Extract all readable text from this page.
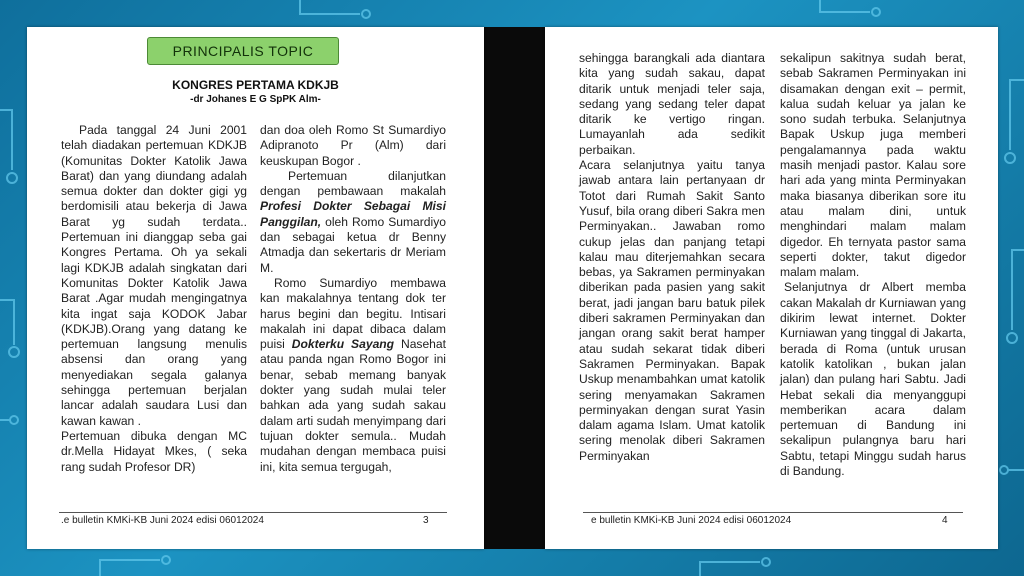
PRINCIPALIS TOPIC
KONGRES PERTAMA KDKJB
-dr Johanes E G SpPK Alm-

Pada tanggal 24 Juni 2001 telah diadakan pertemuan KDKJB (Komunitas Dokter Katolik Jawa Barat) dan yang diundang adalah semua dokter dan dokter gigi yg berdomisili atau bekerja di Jawa Barat yg sudah terdata.. Pertemuan ini dianggap seba gai Kongres Pertama. Oh ya sekali lagi KDKJB adalah singkatan dari Komunitas Dokter Katolik Jawa Barat .Agar mudah mengingatnya kita ingat saja KODOK Jabar (KDKJB).Orang yang datang ke pertemuan langsung menulis absensi dan orang yang menyediakan segala galanya sehingga pertemuan berjalan lancar adalah saudara Lusi dan kawan kawan .

Pertemuan dibuka dengan MC dr.Mella Hidayat Mkes, ( seka rang sudah Profesor DR)

dan doa oleh Romo St Sumardiyo Adipranoto Pr (Alm) dari keuskupan Bogor .

Pertemuan dilanjutkan dengan pembawaan makalah Profesi Dokter Sebagai Misi Panggilan, oleh Romo Sumardiyo dan sebagai ketua dr Benny Atmadja dan sekertaris dr Meriam M.

Romo Sumardiyo membawa kan makalahnya tentang dok ter harus begini dan begitu. Intisari makalah ini dapat dibaca dalam puisi Dokterku Sayang Nasehat atau panda ngan Romo Bogor ini benar, sebab memang banyak dokter yang sudah mulai teler bahkan ada yang sudah sakau dalam arti sudah menyimpang dari tujuan dokter semula.. Mudah mudahan dengan membaca puisi ini, kita semua tergugah,

.e bulletin KMKi-KB Juni 2024 edisi 06012024	3

sehingga barangkali ada diantara kita yang sudah sakau, dapat ditarik untuk menjadi teler saja, sedang yang sedang teler dapat ditarik ke vertigo ringan. Lumayanlah ada sedikit perbaikan.

Acara selanjutnya yaitu tanya jawab antara lain pertanyaan dr Totot dari Rumah Sakit Santo Yusuf, bila orang diberi Sakra men Perminyakan.. Jawaban romo cukup jelas dan panjang tetapi kalau mau diterjemahkan secara bebas, ya Sakramen perminyakan diberikan pada pasien yang sakit berat, jadi jangan baru batuk pilek diberi sakramen Perminyakan dan jangan orang sakit berat hamper atau sudah sekarat tidak diberi Sakramen Perminyakan. Bapak Uskup menambahkan umat katolik sering menyamakan Sakramen perminyakan dengan surat Yasin dalam agama Islam. Umat katolik sering menolak diberi Sakramen Perminyakan

sekalipun sakitnya sudah berat, sebab Sakramen Perminyakan ini disamakan dengan exit – permit, kalua sudah keluar ya jalan ke sono sudah terbuka. Selanjutnya Bapak Uskup juga memberi pengalamannya pada waktu masih menjadi pastor. Kalau sore hari ada yang minta Perminyakan maka biasanya diberikan sore itu atau malam dini, untuk menghindari malam malam digedor. Eh ternyata pastor sama seperti dokter, takut digedor malam malam.

Selanjutnya dr Albert memba cakan Makalah dr Kurniawan yang dikirim lewat internet. Dokter Kurniawan yang tinggal di Jakarta, berada di Roma (untuk urusan katolik katolikan , bukan jalan jalan) dan pulang hari Sabtu. Jadi Hebat sekali dia menyanggupi memberikan acara dalam pertemuan di Bandung ini sekalipun pulangnya baru hari Sabtu, tetapi Minggu sudah harus di Bandung.

e bulletin KMKi-KB Juni 2024 edisi 06012024	4
